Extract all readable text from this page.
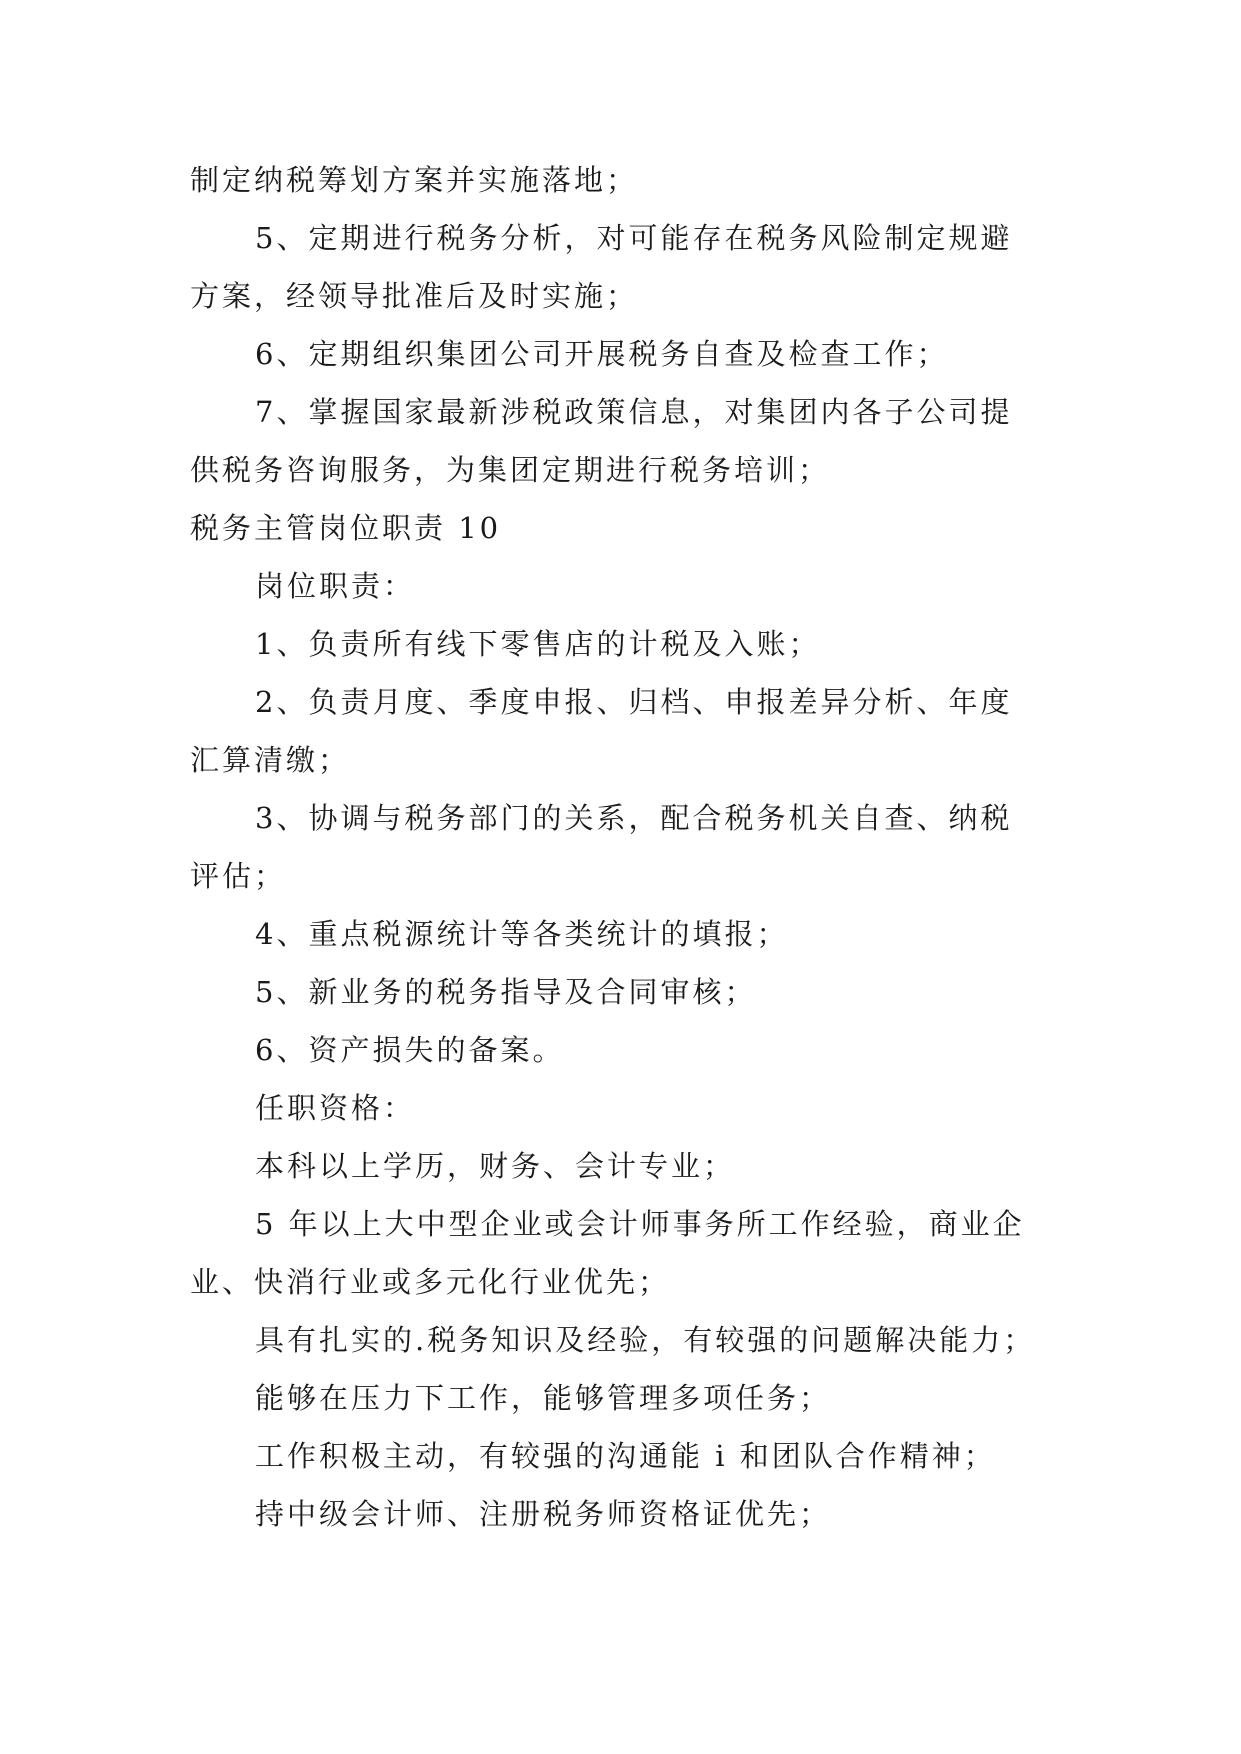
制定纳税筹划方案并实施落地；
5、定期进行税务分析，对可能存在税务风险制定规避
方案，经领导批准后及时实施；
6、定期组织集团公司开展税务自查及检查工作；
7、掌握国家最新涉税政策信息，对集团内各子公司提
供税务咨询服务，为集团定期进行税务培训；
税务主管岗位职责 10
岗位职责：
1、负责所有线下零售店的计税及入账；
2、负责月度、季度申报、归档、申报差异分析、年度
汇算清缴；
3、协调与税务部门的关系，配合税务机关自查、纳税
评估；
4、重点税源统计等各类统计的填报；
5、新业务的税务指导及合同审核；
6、资产损失的备案。
任职资格：
本科以上学历，财务、会计专业；
5 年以上大中型企业或会计师事务所工作经验，商业企
业、快消行业或多元化行业优先；
具有扎实的.税务知识及经验，有较强的问题解决能力；
能够在压力下工作，能够管理多项任务；
工作积极主动，有较强的沟通能 i 和团队合作精神；
持中级会计师、注册税务师资格证优先；
